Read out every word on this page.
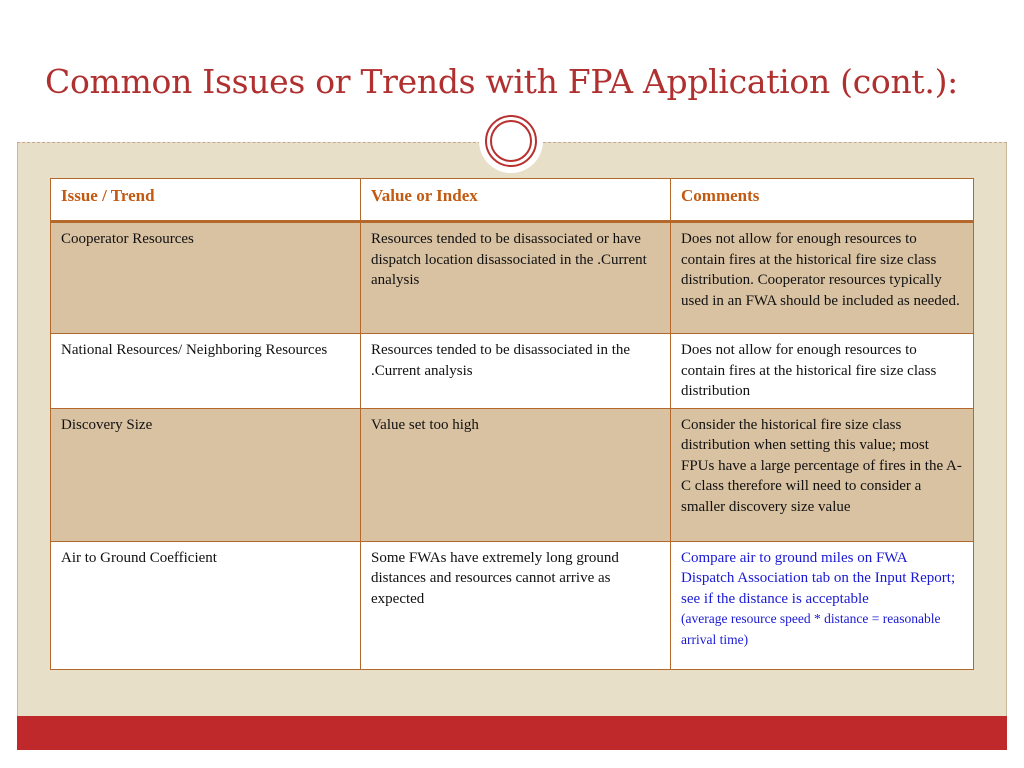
Common Issues or Trends with FPA Application (cont.):
Issue / Trend	Value or Index	Comments
Cooperator Resources	Resources tended to be disassociated or have dispatch location disassociated in the .Current analysis	Does not allow for enough resources to contain fires at the historical fire size class distribution. Cooperator resources typically used in an FWA should be included as needed.
National Resources/ Neighboring Resources	Resources tended to be disassociated in the .Current analysis	Does not allow for enough resources to contain fires at the historical fire size class distribution
Discovery Size	Value set too high	Consider the historical fire size class distribution when setting this value; most FPUs have a large percentage of fires in the A-C class therefore will need to consider a smaller discovery size value
Air to Ground Coefficient	Some FWAs have extremely long ground distances and resources cannot arrive as expected	Compare air to ground miles on FWA Dispatch Association tab on the Input Report; see if the distance is acceptable
(average resource speed * distance = reasonable arrival time)
